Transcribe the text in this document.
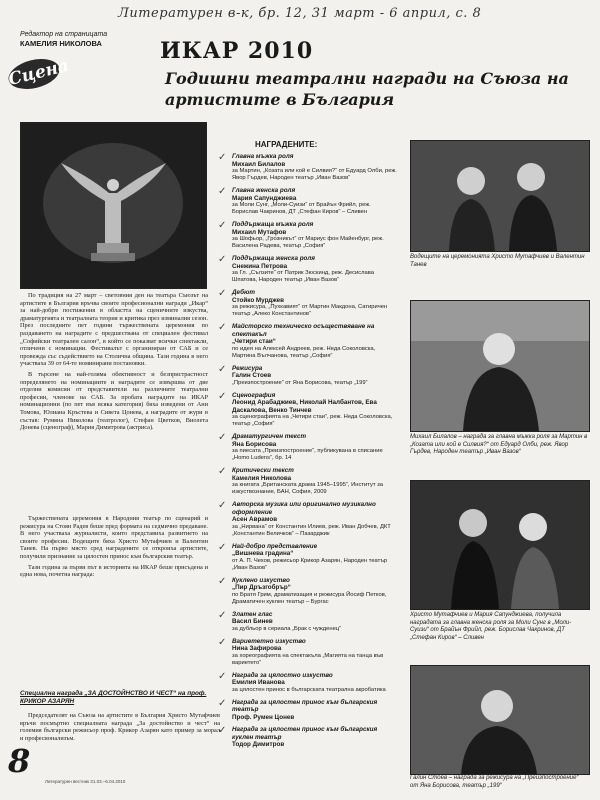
Литературен в-к, бр. 12, 31 март - 6 април, с. 8
Редактор на страницата
КАМЕЛИЯ НИКОЛОВА
Сцена
ИКАР 2010
Годишни театрални награди на Съюза на артистите в България

По традиция на 27 март – световния ден на театъра Съюзът на артистите в България връчва своите професионални награди „Икар“ за най-добри постижения в областта на сценичните изкуства, драматургията и театралната теория и критика през изминалия сезон. През последните пет години тържествената церемония по раздаването на наградите с предшествана от специален фестивал „Софийски театрален салон“, в който се показват всички спектакли, отличени с номинации. Фестивалът с организиран от САБ и се провежда със съдействието на Столична община. Тази година в него участваха 39 от 64-те номинирани постановки.

В търсене на най-голяма обективност и безпристрастност определянето на номинациите и наградите се извършва от две отделни комисии от представители на различните театрални професии, членове на САБ. За пробата наградите на ИКАР номинационни (по пет във всяка категория) бяха изведени от Ани Томова, Юлиана Кръстева и Сивета Цонева, а наградите от жури в състав: Румяна Николова (театролог), Стефан Цветков, Виолета Донева (сценограф), Мария Димитрова (актриса).

Тържествената церемония в Народния театър по сценарий и режисура на Стоян Радев беше пред формата на седмично предаване. В него участваха журналисти, които представиха развитието на своите професии. Водещите бяха Христо Мутафчиев и Валентин Танев. На първо място сред наградените се откроиха артистите, получили признание за цялостен принос към българския театър.

Тази година за първи път в историята на ИКАР беше присъдена и една нова, почетна награда:

Специална награда „ЗА ДОСТОЙНСТВО И ЧЕСТ“ на проф. КРИКОР АЗАРЯН

Председателят на Съюза на артистите в България Христо Мутафчиев връчи посмъртно специалната награда „За достойнство и чест“ на големия български режисьор проф. Крикор Азарян като пример за морал и професионализъм.

8
Литературен вестник 31.03.–6.04.2010
НАГРАДЕНИТЕ:
✓ Главна мъжка роля
Михаил Билалов
за Мартин, „Козата или кой е Силвия?“ от Едуард Олби, реж. Явор Гърдев, Народен театър „Иван Вазов“
✓ Главна женска роля
Мария Сапунджиева
за Моли Сунг, „Моли-Суизи“ от Брайън Фрийл, реж. Борислав Чакринов, ДТ „Стефан Киров“ – Сливен
✓ Поддържаща мъжка роля
Михаил Мутафов
за Шофьор, „Грозникът“ от Мариус фон Майенбург, реж. Василена Радева, театър „София“
✓ Поддържаща женска роля
Снежина Петрова
за Гл. „Сълзите“ от Патрик Зюскинд, реж. Десислава Шпатова, Народен театър „Иван Вазов“
✓ Дебют
Стойко Мурджев
за режисура, „Пухкавият“ от Мартин Макдона, Сатиричен театър „Алеко Константинов“
✓ Майсторско техническо осъществяване на спектакъл
„Четири стаи“
по идея на Алексей Андреев, реж. Неда Соколовска, Мартина Вълчанова, театър „София“
✓ Режисура
Галин Стоев
„Преизпостроение“ от Яна Борисова, театър „199“
✓ Сценография
Леонид Арабаджиев, Николай Налбантов, Ева Даскалова, Венко Тинчев
за сценографията на „Четири стаи“, реж. Неда Соколовска, театър „София“
✓ Драматургичен текст
Яна Борисова
за пиесата „Преизпостроение“, публикувана в списание „Homo Ludens“, бр. 14
✓ Критически текст
Камелия Николова
за книгата „Британската драма 1945–1995“, Институт за изкуствознание, БАН, София, 2009
✓ Авторска музика или оригинално музикално оформление
Асен Аврамов
за „Нирвана“ от Константин Илиев, реж. Иван Добчев, ДКТ „Константин Величков“ – Пазарджик
✓ Най-добро представление
„Вишнева градина“
от А. П. Чехов, режисьор Крикор Азарян, Народен театър „Иван Вазов“
✓ Куклено изкуство
„Пир Дръзгобрър“
по Братя Грим, драматизация и режисура Йосиф Петков, Драматичен куклен театър – Бургас
✓ Златен глас
Васил Бинев
за дубльор в сериала „Брак с чужденец“
✓ Вариететно изкуство
Нина Зафирова
за хореографията на спектакъла „Магията на танца във вариетето“
✓ Награда за цялостно изкуство
Емилия Иванова
за цялостен принос в българската театрална акробатика
✓ Награда за цялостен принос към българския театър
Проф. Румен Цонев
✓ Награда за цялостен принос към българския куклен театър
Тодор Димитров
Водещите на церемонията Христо Мутафчиев и Валентин Танев
Михаил Билалов – награда за главна мъжка роля за Мартин в „Козата или кой е Силвия?“ от Едуард Олби, реж. Явор Гърдев, Народен театър „Иван Вазов“
Христо Мутафчиев и Мария Сапунджиева, получила наградата за главна женска роля за Моли Сунг в „Моли-Суизи“ от Брайън Фрийл, реж. Борислав Чакринов, ДТ „Стефан Киров“ – Сливен
Галин Стоев – награда за режисура на „Преизпостроение“ от Яна Борисова, театър „199“
